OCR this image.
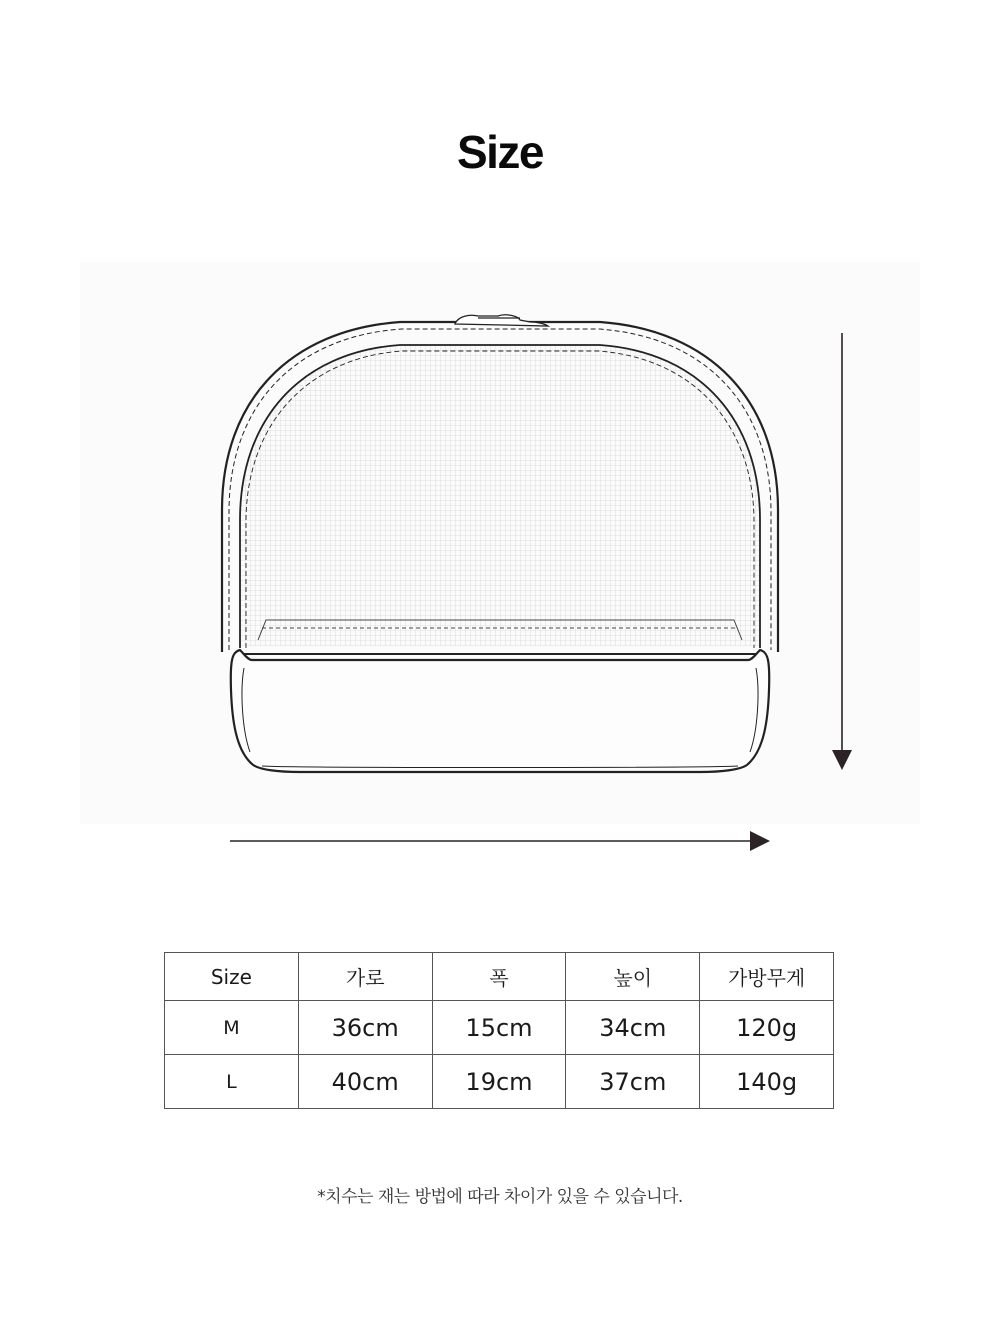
Size
Size	가로	폭	높이	가방무게
M	36cm	15cm	34cm	120g
L	40cm	19cm	37cm	140g
*치수는 재는 방법에 따라 차이가 있을 수 있습니다.
